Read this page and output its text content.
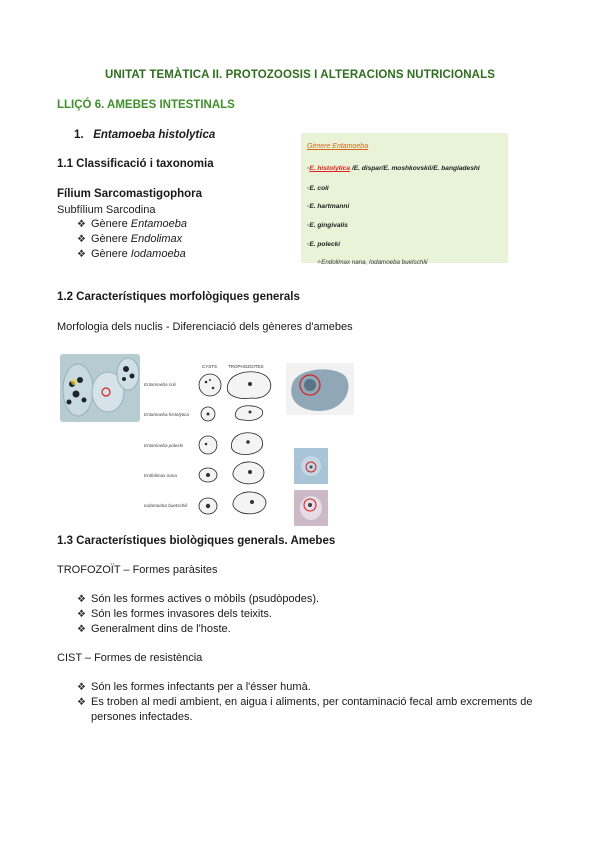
UNITAT TEMÀTICA II. PROTOZOOSIS I ALTERACIONS NUTRICIONALS
LLIÇÓ 6. AMEBES INTESTINALS
1. Entamoeba histolytica
1.1 Classificació i taxonomia
Fílium Sarcomastigophora
Subfílium Sarcodina
❖ Gènere Entamoeba
❖ Gènere Endolimax
❖ Gènere Iodamoeba
Gènere Entamoeba
◦E. histolytica /E. dispar/E. moshkovskii/E. bangladeshi
◦E. coli
◦E. hartmanni
◦E. gingivalis
◦E. polecki
✧Endolimax nana, Iodamoeba buetschlii
1.2 Característiques morfològiques generals
Morfologia dels nuclis - Diferenciació dels gèneres d'amebes
CYSTS TROPHOZOITES
Entamoeba coli
Entamoeba histolytica
Entamoeba polecki
Endolimax nana
Iodamoeba buetschlii
1.3 Característiques biològiques generals. Amebes
TROFOZOÏT – Formes paràsites
❖ Són les formes actives o mòbils (psudòpodes).
❖ Són les formes invasores dels teixits.
❖ Generalment dins de l'hoste.
CIST – Formes de resistència
❖ Són les formes infectants per a l'ésser humà.
❖ Es troben al medi ambient, en aigua i aliments, per contaminació fecal amb excrements de
persones infectades.
